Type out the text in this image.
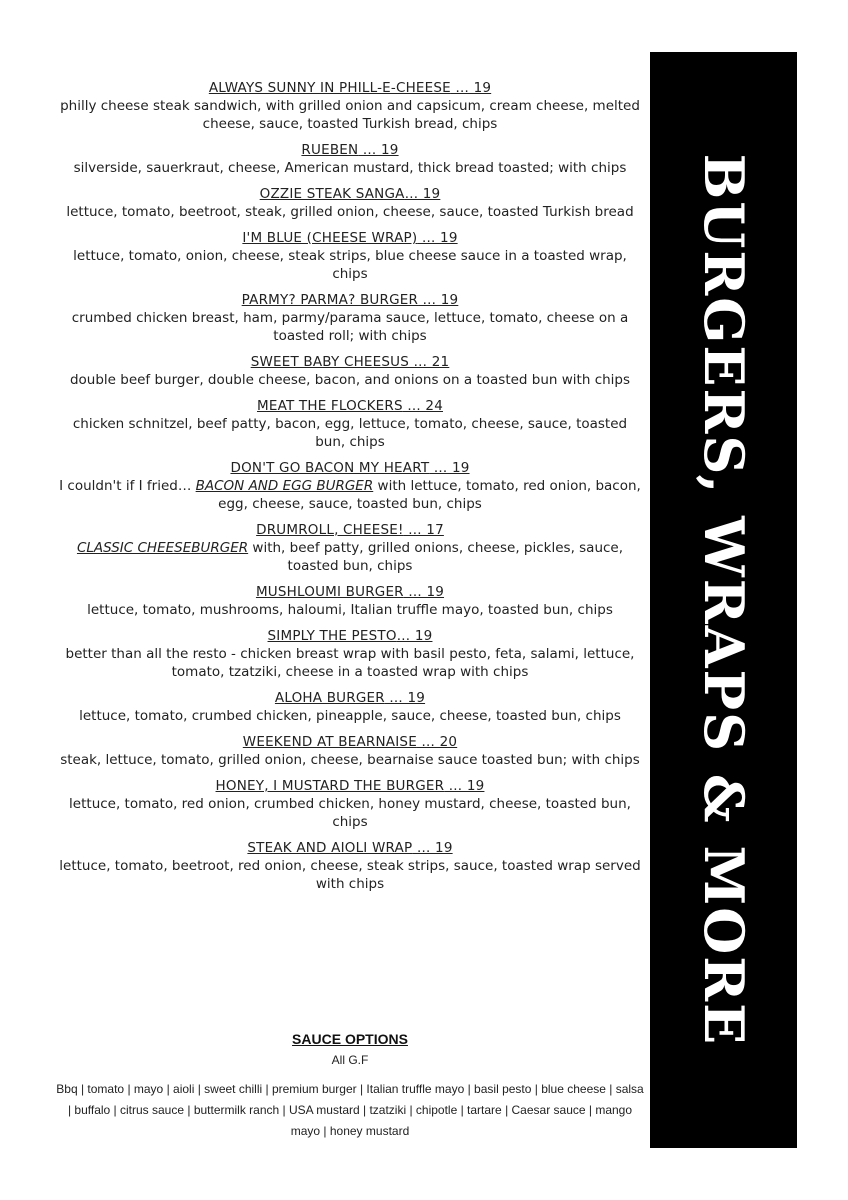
ALWAYS SUNNY IN PHILL-E-CHEESE … 19
philly cheese steak sandwich, with grilled onion and capsicum, cream cheese, melted cheese, sauce, toasted Turkish bread, chips
RUEBEN … 19
silverside, sauerkraut, cheese, American mustard, thick bread toasted; with chips
OZZIE STEAK SANGA… 19
lettuce, tomato, beetroot, steak, grilled onion, cheese, sauce, toasted Turkish bread
I'M BLUE (CHEESE WRAP) … 19
lettuce, tomato, onion, cheese, steak strips, blue cheese sauce in a toasted wrap, chips
PARMY? PARMA? BURGER … 19
crumbed chicken breast, ham, parmy/parama sauce, lettuce, tomato, cheese on a toasted roll; with chips
SWEET BABY CHEESUS … 21
double beef burger, double cheese, bacon, and onions on a toasted bun with chips
MEAT THE FLOCKERS … 24
chicken schnitzel, beef patty, bacon, egg, lettuce, tomato, cheese, sauce, toasted bun, chips
DON'T GO BACON MY HEART … 19
I couldn't if I fried… BACON AND EGG BURGER with lettuce, tomato, red onion, bacon, egg, cheese, sauce, toasted bun, chips
DRUMROLL, CHEESE! … 17
CLASSIC CHEESEBURGER with, beef patty, grilled onions, cheese, pickles, sauce, toasted bun, chips
MUSHLOUMI BURGER … 19
lettuce, tomato, mushrooms, haloumi, Italian truffle mayo, toasted bun, chips
SIMPLY THE PESTO… 19
better than all the resto - chicken breast wrap with basil pesto, feta, salami, lettuce, tomato, tzatziki, cheese in a toasted wrap with chips
ALOHA BURGER … 19
lettuce, tomato, crumbed chicken, pineapple, sauce, cheese, toasted bun, chips
WEEKEND AT BEARNAISE … 20
steak, lettuce, tomato, grilled onion, cheese, bearnaise sauce toasted bun; with chips
HONEY, I MUSTARD THE BURGER … 19
lettuce, tomato, red onion, crumbed chicken, honey mustard, cheese, toasted bun, chips
STEAK AND AIOLI WRAP … 19
lettuce, tomato, beetroot, red onion, cheese, steak strips, sauce, toasted wrap served with chips
SAUCE OPTIONS
All G.F
Bbq | tomato | mayo | aioli | sweet chilli | premium burger | Italian truffle mayo | basil pesto | blue cheese | salsa | buffalo | citrus sauce | buttermilk ranch | USA mustard | tzatziki | chipotle | tartare | Caesar sauce | mango mayo | honey mustard
BURGERS, WRAPS & MORE
